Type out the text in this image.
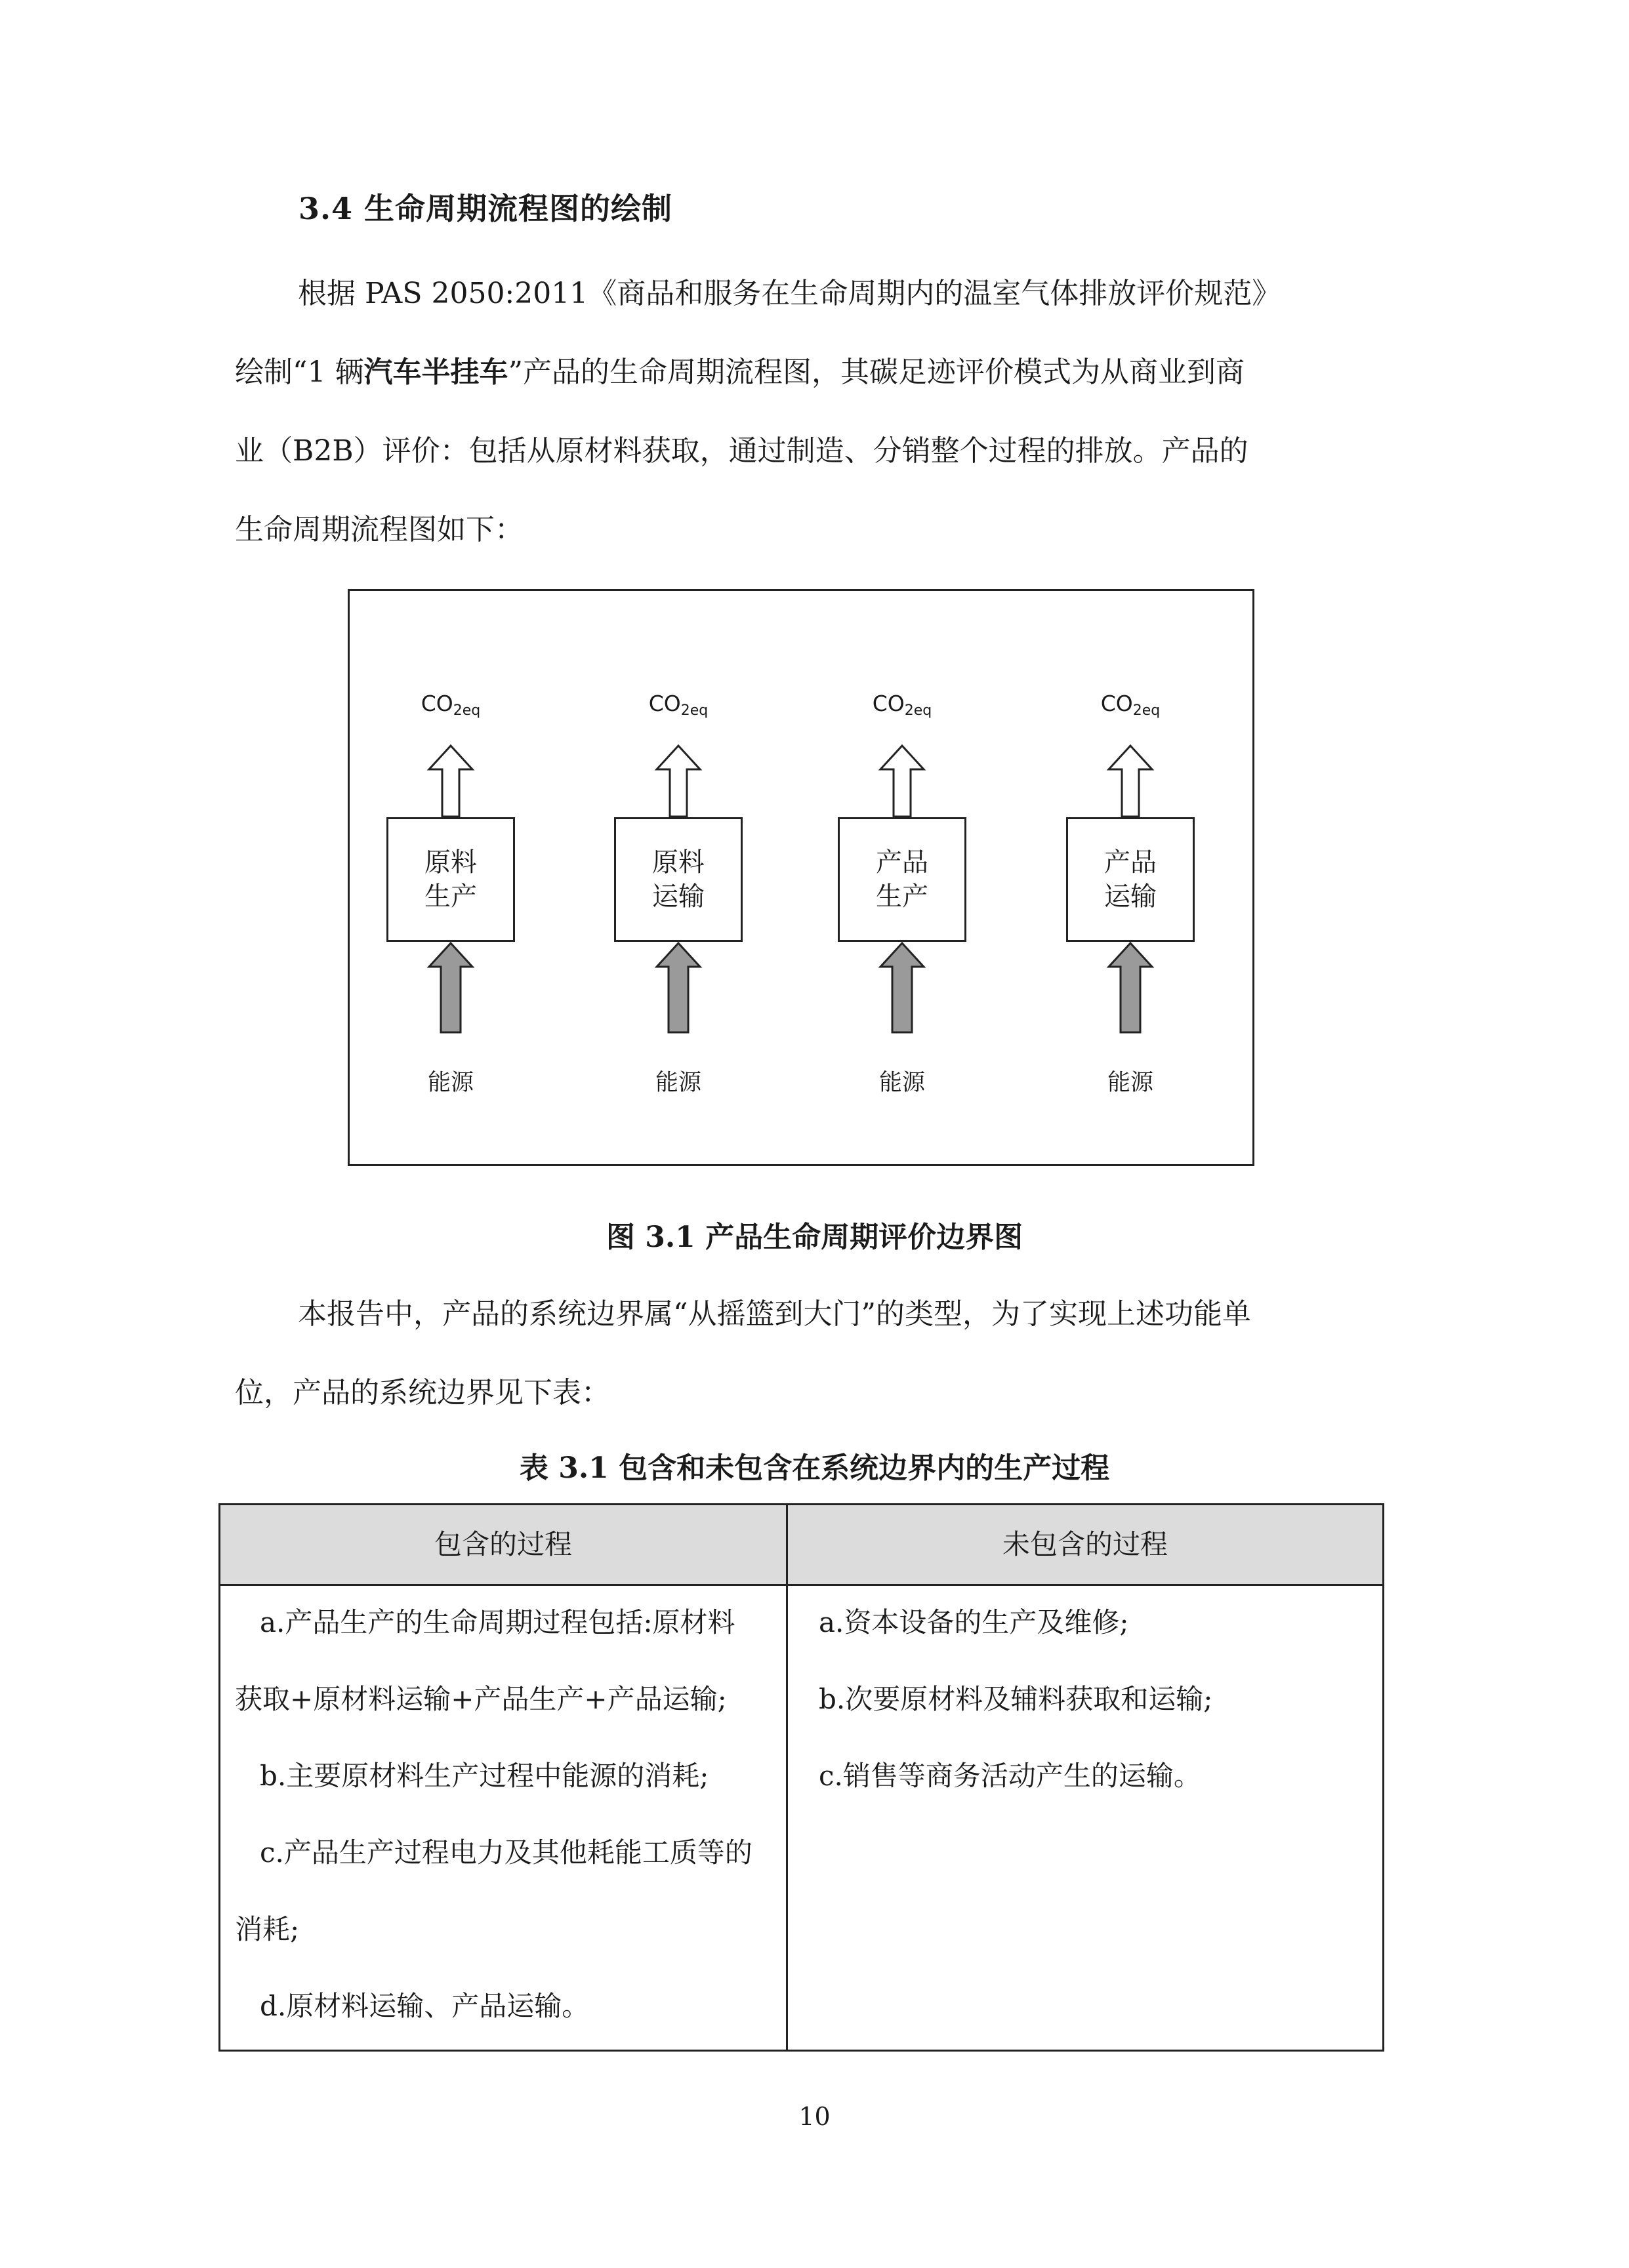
3.4 生命周期流程图的绘制
根据 PAS 2050:2011《商品和服务在生命周期内的温室气体排放评价规范》
绘制“1 辆汽车半挂车”产品的生命周期流程图，其碳足迹评价模式为从商业到商
业（B2B）评价：包括从原材料获取，通过制造、分销整个过程的排放。产品的
生命周期流程图如下：
$CO_{2eq}$
原料
生产
能源
$CO_{2eq}$
原料
运输
能源
$CO_{2eq}$
产品
生产
能源
$CO_{2eq}$
产品
运输
能源
图 3.1 产品生命周期评价边界图
本报告中，产品的系统边界属“从摇篮到大门”的类型，为了实现上述功能单
位，产品的系统边界见下表：
表 3.1 包含和未包含在系统边界内的生产过程
包含的过程	未包含的过程
a.产品生产的生命周期过程包括:原材料
获取+原材料运输+产品生产+产品运输;
b.主要原材料生产过程中能源的消耗;
c.产品生产过程电力及其他耗能工质等的
消耗;
d.原材料运输、产品运输。
a.资本设备的生产及维修;
b.次要原材料及辅料获取和运输;
c.销售等商务活动产生的运输。
10
